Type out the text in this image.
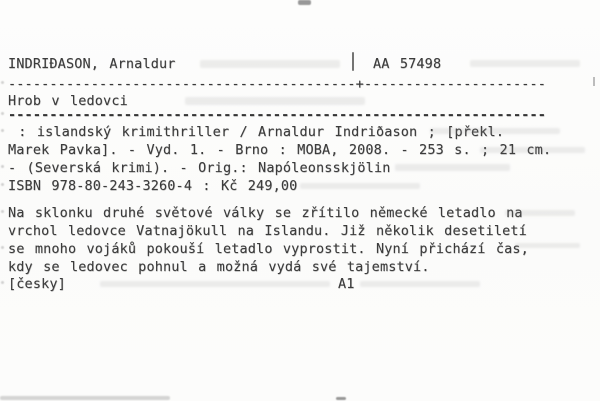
INDRIÐASON, Arnaldur	AA 57498
------------------------------------------+----------------------
Hrob v ledovci
-----------------------------------------------------------------
: islandský krimithriller / Arnaldur Indriðason ; [překl.
Marek Pavka]. - Vyd. 1. - Brno : MOBA, 2008. - 253 s. ; 21 cm.
- (Severská krimi). - Orig.: Napóleonsskjölin
ISBN 978-80-243-3260-4 : Kč 249,00
Na sklonku druhé světové války se zřítilo německé letadlo na
vrchol ledovce Vatnajökull na Islandu. Již několik desetiletí
se mnoho vojáků pokouší letadlo vyprostit. Nyní přichází čas,
kdy se ledovec pohnul a možná vydá své tajemství.
[česky]	A1
